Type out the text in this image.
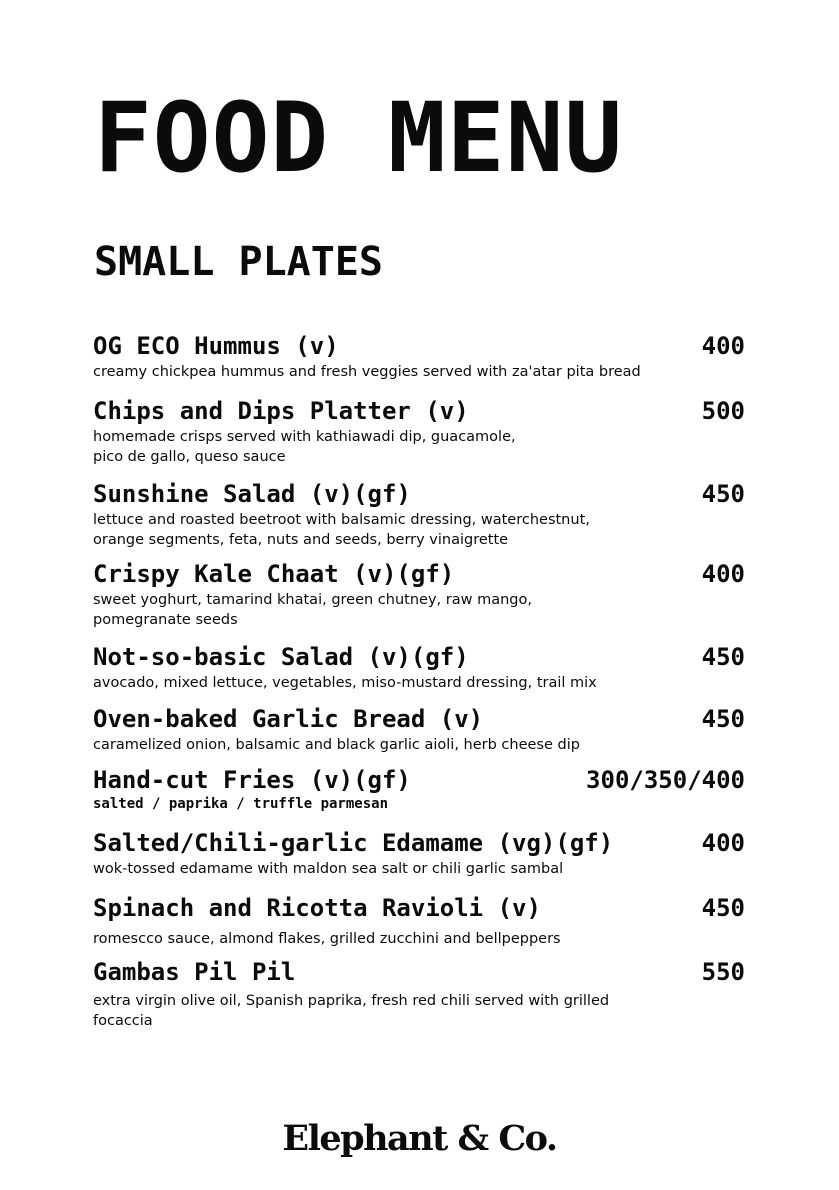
FOOD MENU
SMALL PLATES
OG ECO Hummus (v)	400
creamy chickpea hummus and fresh veggies served with za'atar pita bread
Chips and Dips Platter (v)	500
homemade crisps served with kathiawadi dip, guacamole,
pico de gallo, queso sauce
Sunshine Salad (v)(gf)	450
lettuce and roasted beetroot with balsamic dressing, waterchestnut,
orange segments, feta, nuts and seeds, berry vinaigrette
Crispy Kale Chaat (v)(gf)	400
sweet yoghurt, tamarind khatai, green chutney, raw mango,
pomegranate seeds
Not-so-basic Salad (v)(gf)	450
avocado, mixed lettuce, vegetables, miso-mustard dressing, trail mix
Oven-baked Garlic Bread (v)	450
caramelized onion, balsamic and black garlic aioli, herb cheese dip
Hand-cut Fries (v)(gf)	300/350/400
salted / paprika / truffle parmesan
Salted/Chili-garlic Edamame (vg)(gf)	400
wok-tossed edamame with maldon sea salt or chili garlic sambal
Spinach and Ricotta Ravioli (v)	450
romescco sauce, almond flakes, grilled zucchini and bellpeppers
Gambas Pil Pil	550
extra virgin olive oil, Spanish paprika, fresh red chili served with grilled
focaccia
Elephant & Co.
